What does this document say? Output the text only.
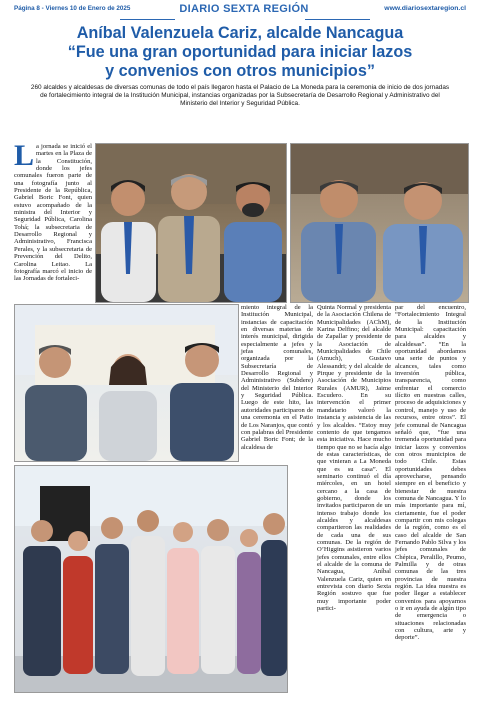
Página 8 - Viernes 10 de Enero de 2025	DIARIO SEXTA REGIÓN	www.diariosextaregion.cl
Aníbal Valenzuela Cariz, alcalde Nancagua
“Fue una gran oportunidad para iniciar lazos
y convenios con otros municipios”
260 alcaldes y alcaldesas de diversas comunas de todo el país llegaron hasta el Palacio de La Moneda para la ceremonia de inicio de dos jornadas de fortalecimiento integral de la Institución Municipal, instancias organizadas por la Subsecretaría de Desarrollo Regional y Administrativo del Ministerio del Interior y Seguridad Pública.
La jornada se inició el martes en la Plaza de la Constitución, donde los jefes comunales fueron parte de una fotografía junto al Presidente de la República, Gabriel Boric Font, quien estuvo acompañado de la ministra del Interior y Seguridad Pública, Carolina Tohá; la subsecretaria de Desarrollo Regional y Administrativo, Francisca Perales, y la subsecretaria de Prevención del Delito, Carolina Leitao. La fotografía marcó el inicio de las Jornadas de fortaleci-
miento integral de la Institución Municipal, instancias de capacitación en diversas materias de interés municipal, dirigida especialmente a jefes y jefas comunales, organizada por la Subsecretaría de Desarrollo Regional y Administrativo (Subdere) del Ministerio del Interior y Seguridad Pública. Luego de este hito, las autoridades participaron de una ceremonia en el Patio de Los Naranjos, que contó con palabras del Presidente Gabriel Boric Font; de la alcaldesa de
Quinta Normal y presidenta de la Asociación Chilena de Municipalidades (AChM), Karina Delfino; del alcalde de Zapallar y presidente de la Asociación de Municipalidades de Chile (Amuch), Gustavo Alessandri; y del alcalde de Pirque y presidente de la Asociación de Municipios Rurales (AMUR), Jaime Escudero. En su intervención el primer mandatario valoró la instancia y asistencia de las y los alcaldes. “Estoy muy contento de que tengamos esta iniciativa. Hace mucho tiempo que no se hacía algo de estas características, de que vinieran a La Moneda que es su casa”. El seminario continuó el día miércoles, en un hotel cercano a la casa de gobierno, donde los invitados participaron de un intenso trabajo donde los alcaldes y alcaldesas compartieron las realidades de cada una de sus comunas. De la región de O’Higgins asistieron varios jefes comunales, entre ellos el alcalde de la comuna de Nancagua, Aníbal Valenzuela Cariz, quien en entrevista con diario Sexta Región sostuvo que fue muy importante poder partici-
par del encuentro, “Fortalecimiento Integral de la Institución Municipal: capacitación para alcaldes y alcaldesas”. “En la oportunidad abordamos una serie de puntos y alcances, tales como inversión pública, transparencia, como enfrentar el comercio ilícito en nuestras calles, proceso de adquisiciones y control, manejo y uso de recursos, entre otros”. El jefe comunal de Nancagua señaló que, “fue una tremenda oportunidad para iniciar lazos y convenios con otros municipios de todo Chile. Estas oportunidades debes aprovecharse, pensando siempre en el beneficio y bienestar de nuestra comuna de Nancagua. Y lo más importante para mí, ciertamente, fue el poder compartir con mis colegas de la región, como es el caso del alcalde de San Fernando Pablo Silva y los jefes comunales de Chépica, Peralillo, Peumo, Palmilla y de otras comunas de las tres provincias de nuestra región. La idea nuestra es poder llegar a establecer convenios para apoyarnos o ir en ayuda de algún tipo de emergencia o situaciones relacionadas con cultura, arte y deporte”.
